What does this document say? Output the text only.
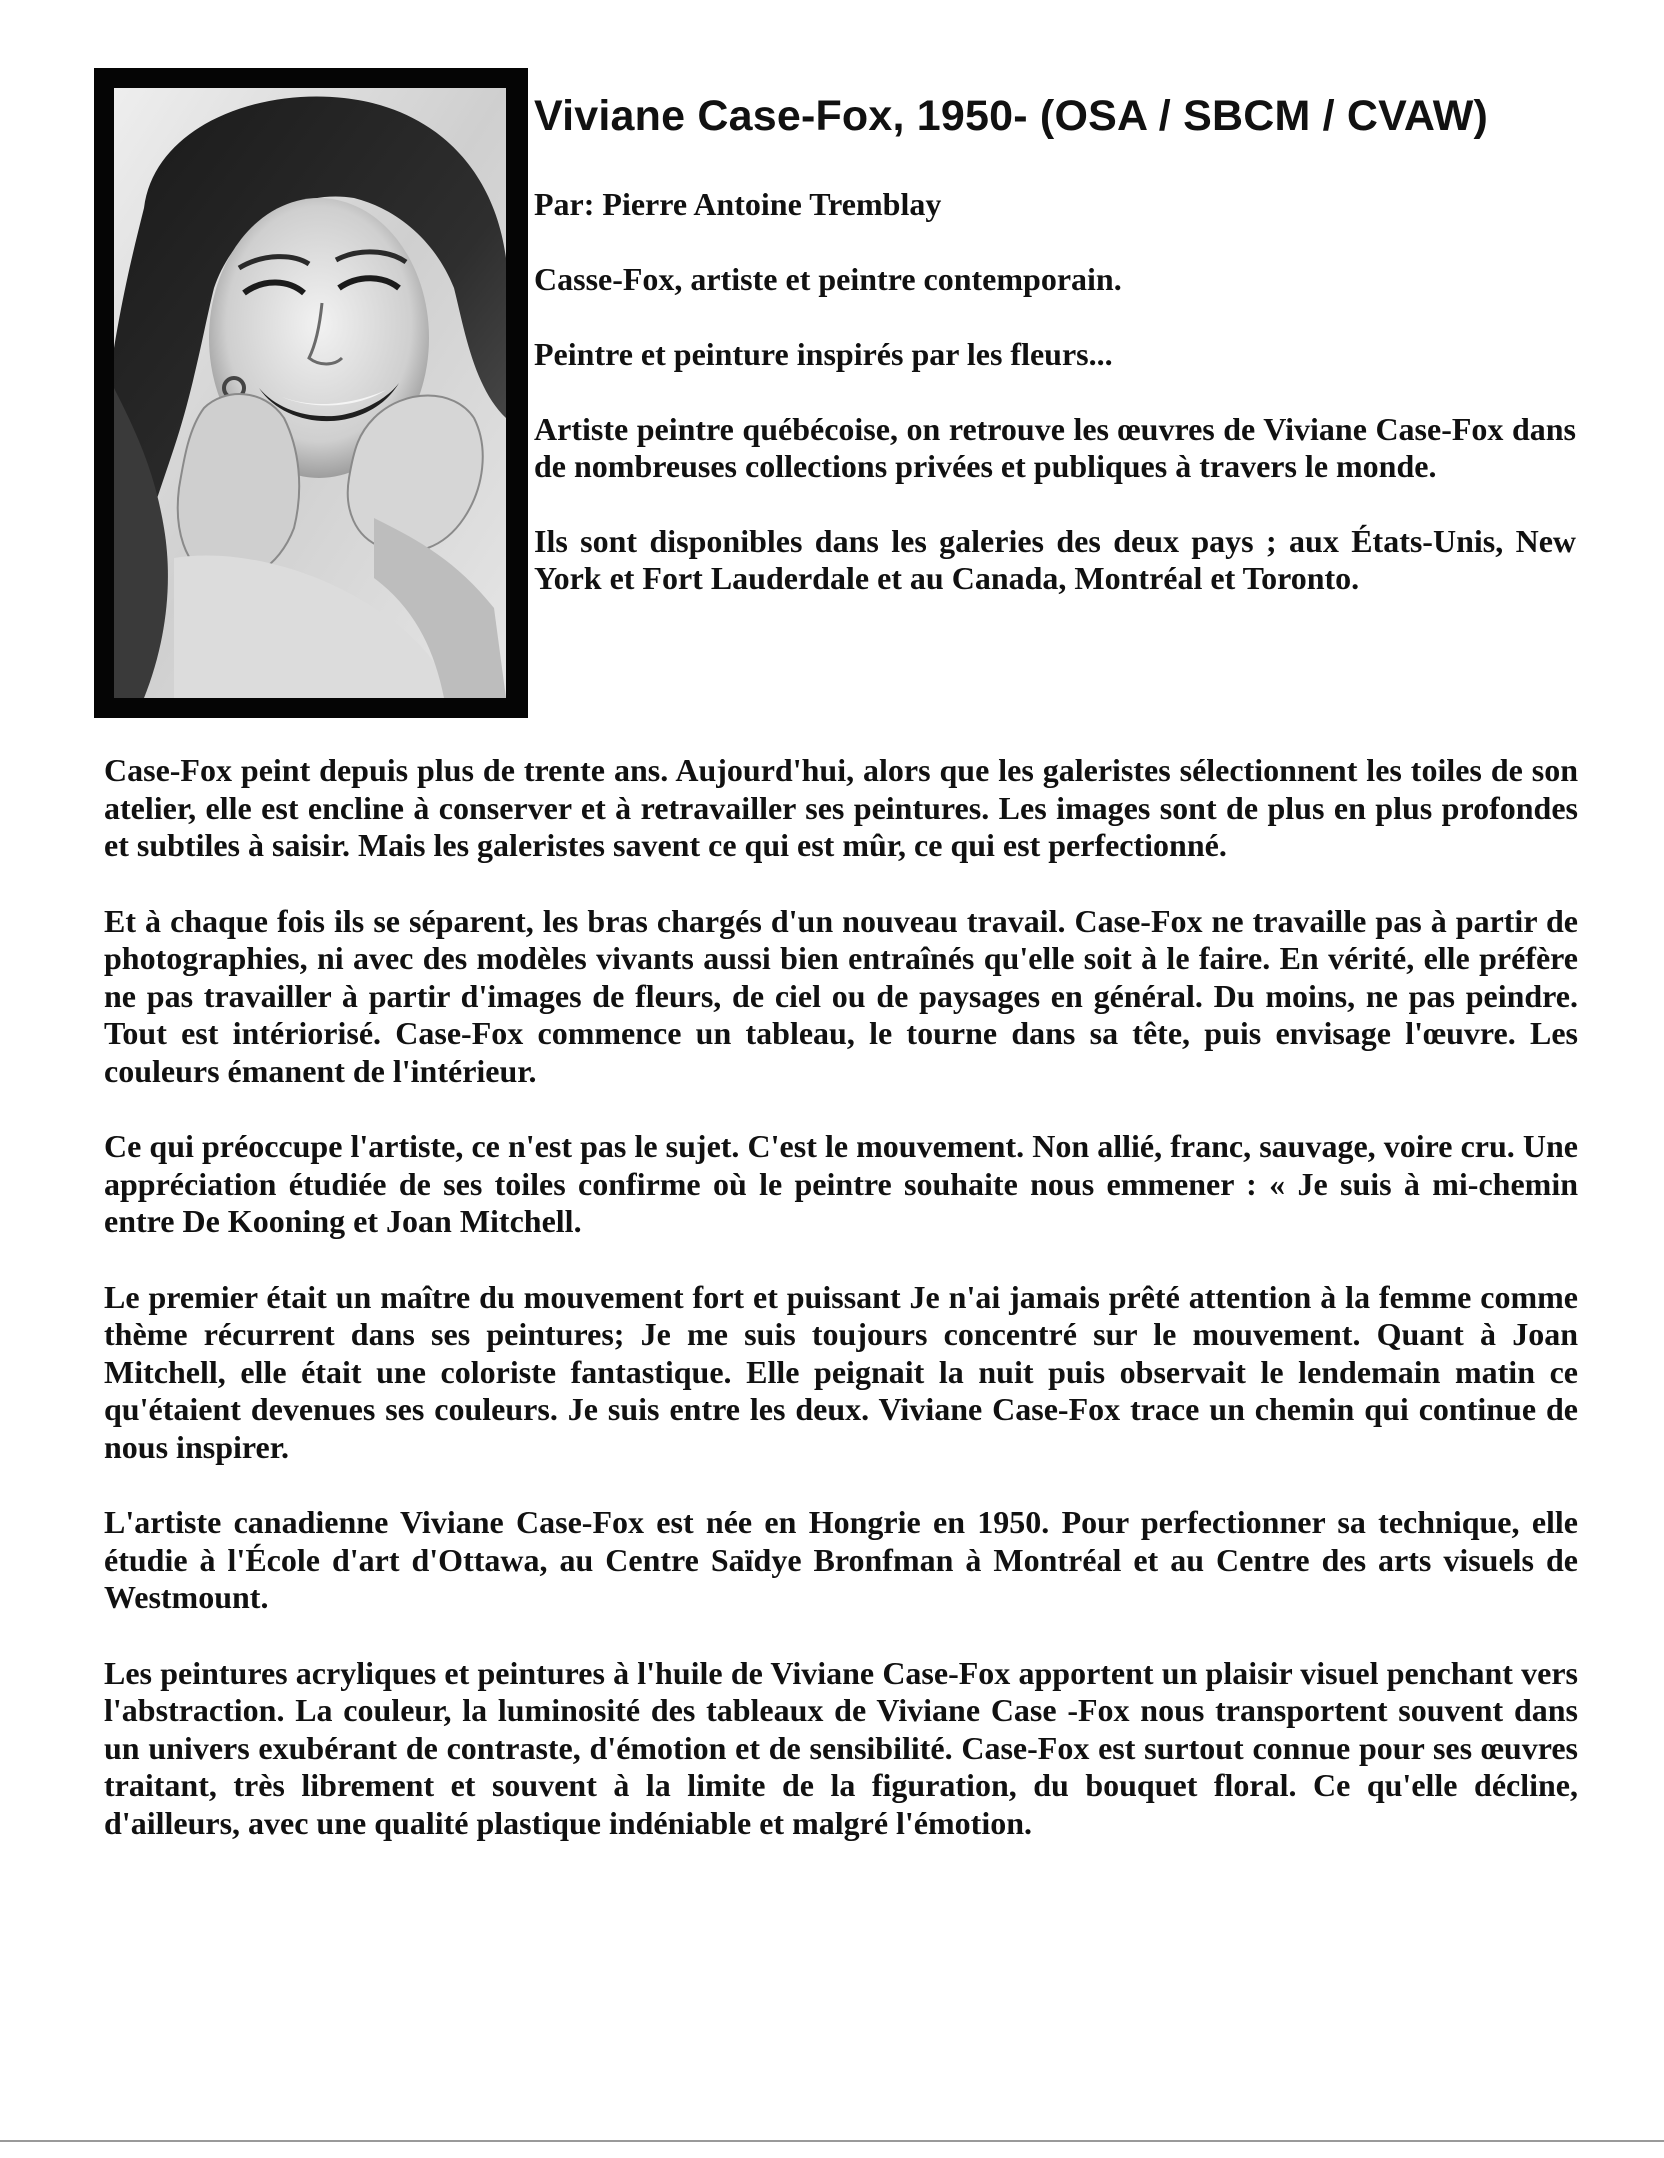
Viviane Case-Fox, 1950- (OSA / SBCM / CVAW)

Par: Pierre Antoine Tremblay

Casse-Fox, artiste et peintre contemporain.

Peintre et peinture inspirés par les fleurs...

Artiste peintre québécoise, on retrouve les œuvres de Viviane Case-Fox dans de nombreuses collections privées et publiques à travers le monde.

Ils sont disponibles dans les galeries des deux pays ; aux États-Unis, New York et Fort Lauderdale et au Canada, Montréal et Toronto.

Case-Fox peint depuis plus de trente ans. Aujourd'hui, alors que les galeristes sélectionnent les toiles de son atelier, elle est encline à conserver et à retravailler ses peintures. Les images sont de plus en plus profondes et subtiles à saisir. Mais les galeristes savent ce qui est mûr, ce qui est perfectionné.

Et à chaque fois ils se séparent, les bras chargés d'un nouveau travail. Case-Fox ne travaille pas à partir de photographies, ni avec des modèles vivants aussi bien entraînés qu'elle soit à le faire. En vérité, elle préfère ne pas travailler à partir d'images de fleurs, de ciel ou de paysages en général. Du moins, ne pas peindre. Tout est intériorisé. Case-Fox commence un tableau, le tourne dans sa tête, puis envisage l'œuvre. Les couleurs émanent de l'intérieur.

Ce qui préoccupe l'artiste, ce n'est pas le sujet. C'est le mouvement. Non allié, franc, sauvage, voire cru. Une appréciation étudiée de ses toiles confirme où le peintre souhaite nous emmener : « Je suis à mi-chemin entre De Kooning et Joan Mitchell.

Le premier était un maître du mouvement fort et puissant Je n'ai jamais prêté attention à la femme comme thème récurrent dans ses peintures; Je me suis toujours concentré sur le mouvement. Quant à Joan Mitchell, elle était une coloriste fantastique. Elle peignait la nuit puis observait le lendemain matin ce qu'étaient devenues ses couleurs. Je suis entre les deux. Viviane Case-Fox trace un chemin qui continue de nous inspirer.

L'artiste canadienne Viviane Case-Fox est née en Hongrie en 1950. Pour perfectionner sa technique, elle étudie à l'École d'art d'Ottawa, au Centre Saïdye Bronfman à Montréal et au Centre des arts visuels de Westmount.

Les peintures acryliques et peintures à l'huile de Viviane Case-Fox apportent un plaisir visuel penchant vers l'abstraction. La couleur, la luminosité des tableaux de Viviane Case -Fox nous transportent souvent dans un univers exubérant de contraste, d'émotion et de sensibilité. Case-Fox est surtout connue pour ses œuvres traitant, très librement et souvent à la limite de la figuration, du bouquet floral. Ce qu'elle décline, d'ailleurs, avec une qualité plastique indéniable et malgré l'émotion.
